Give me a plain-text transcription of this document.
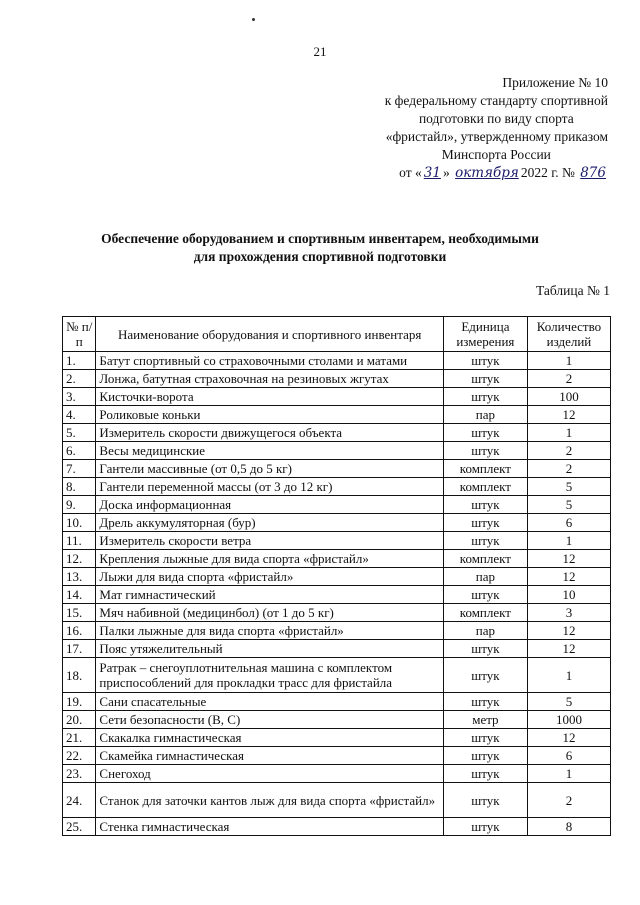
21
Приложение № 10
к федеральному стандарту спортивной
подготовки по виду спорта
«фристайл», утвержденному приказом
Минспорта России
от « 31 » октября 2022 г. № 876
Обеспечение оборудованием и спортивным инвентарем, необходимыми
для прохождения спортивной подготовки
Таблица № 1
№ п/п	Наименование оборудования и спортивного инвентаря	Единица измерения	Количество изделий
1.	Батут спортивный со страховочными столами и матами	штук	1
2.	Лонжа, батутная страховочная на резиновых жгутах	штук	2
3.	Кисточки-ворота	штук	100
4.	Роликовые коньки	пар	12
5.	Измеритель скорости движущегося объекта	штук	1
6.	Весы медицинские	штук	2
7.	Гантели массивные (от 0,5 до 5 кг)	комплект	2
8.	Гантели переменной массы (от 3 до 12 кг)	комплект	5
9.	Доска информационная	штук	5
10.	Дрель аккумуляторная (бур)	штук	6
11.	Измеритель скорости ветра	штук	1
12.	Крепления лыжные для вида спорта «фристайл»	комплект	12
13.	Лыжи для вида спорта «фристайл»	пар	12
14.	Мат гимнастический	штук	10
15.	Мяч набивной (медицинбол) (от 1 до 5 кг)	комплект	3
16.	Палки лыжные для вида спорта «фристайл»	пар	12
17.	Пояс утяжелительный	штук	12
18.	Ратрак – снегоуплотнительная машина с комплектом приспособлений для прокладки трасс для фристайла	штук	1
19.	Сани спасательные	штук	5
20.	Сети безопасности (B, C)	метр	1000
21.	Скакалка гимнастическая	штук	12
22.	Скамейка гимнастическая	штук	6
23.	Снегоход	штук	1
24.	Станок для заточки кантов лыж для вида спорта «фристайл»	штук	2
25.	Стенка гимнастическая	штук	8
